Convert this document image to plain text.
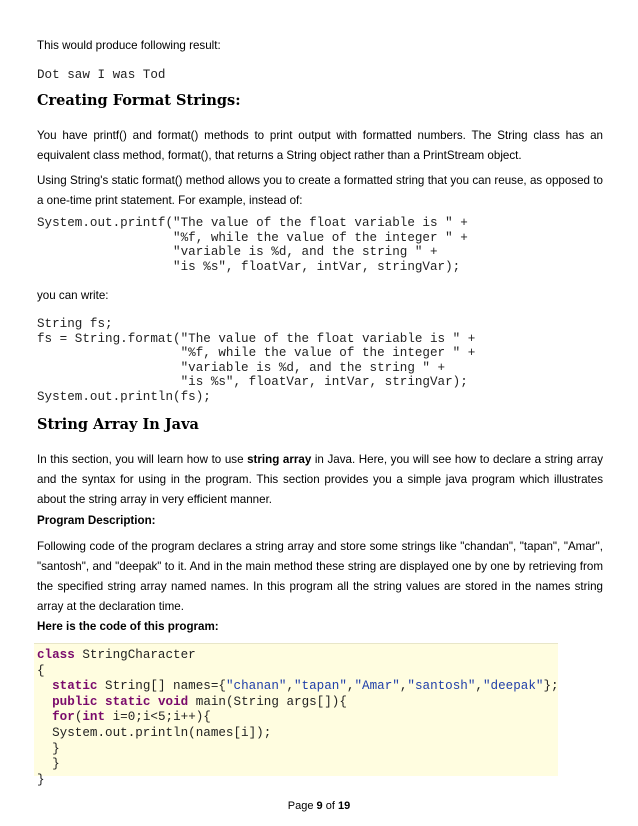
This would produce following result:

Dot saw I was Tod
Creating Format Strings:

You have printf() and format() methods to print output with formatted numbers. The String class has an equivalent class method, format(), that returns a String object rather than a PrintStream object.

Using String's static format() method allows you to create a formatted string that you can reuse, as opposed to a one-time print statement. For example, instead of:

System.out.printf("The value of the float variable is " +
"%f, while the value of the integer " +
"variable is %d, and the string " +
"is %s", floatVar, intVar, stringVar);

you can write:

String fs;
fs = String.format("The value of the float variable is " +
"%f, while the value of the integer " +
"variable is %d, and the string " +
"is %s", floatVar, intVar, stringVar);
System.out.println(fs);
String Array In Java

In this section, you will learn how to use string array in Java. Here, you will see how to declare a string array and the syntax for using in the program. This section provides you a simple java program which illustrates about the string array in very efficient manner.

Program Description:

Following code of the program declares a string array and store some strings like "chandan", "tapan", "Amar", "santosh", and "deepak" to it. And in the main method these string are displayed one by one by retrieving from the specified string array named names. In this program all the string values are stored in the names string array at the declaration time.

Here is the code of this program:

class StringCharacter
{
static String[] names={"chanan","tapan","Amar","santosh","deepak"};
public static void main(String args[]){
for(int i=0;i<5;i++){
System.out.println(names[i]);
}
}
}
Page 9 of 19
